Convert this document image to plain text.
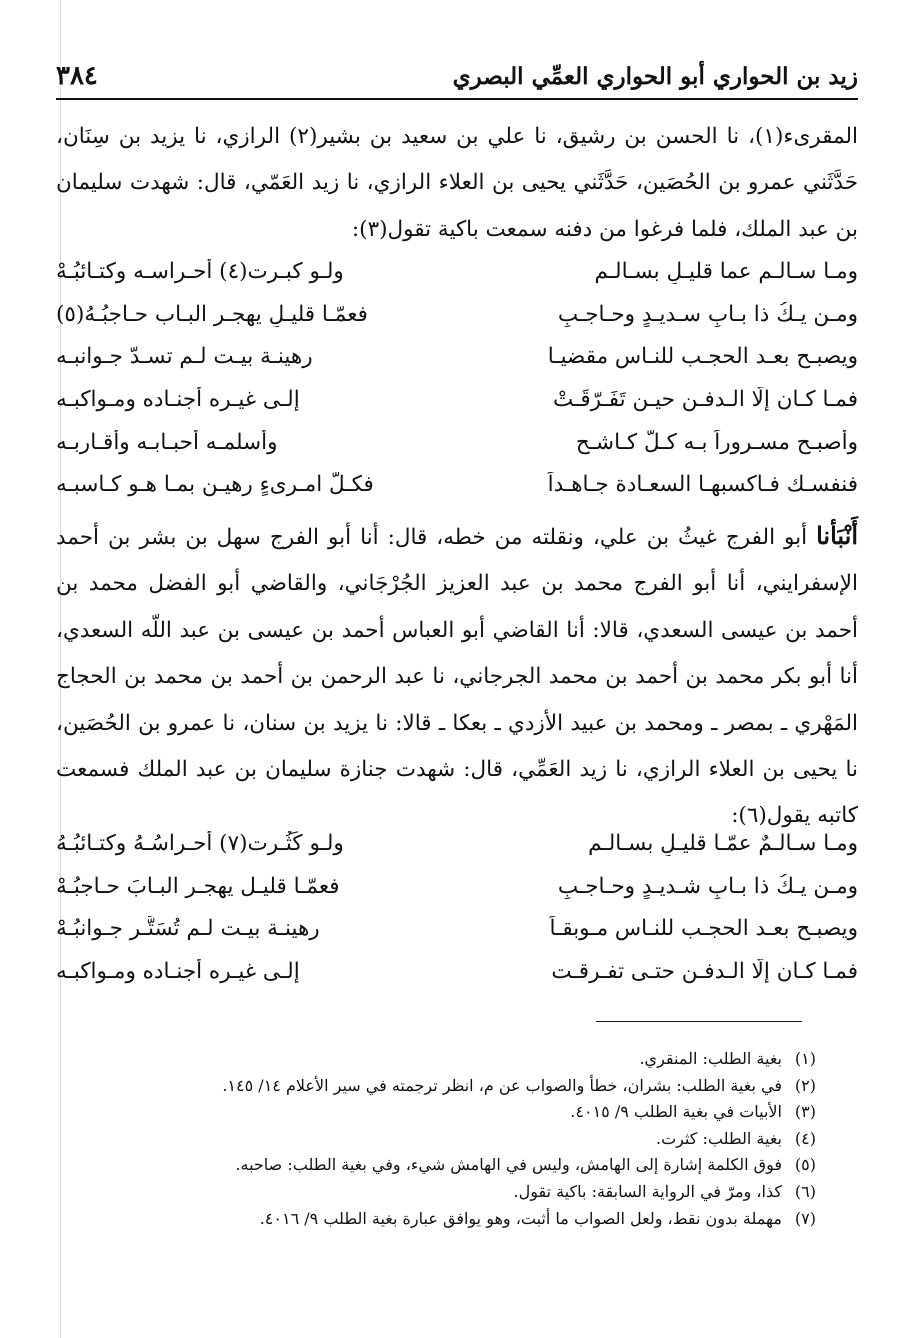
زيد بن الحواري أبو الحواري العمِّي البصري
٣٨٤

المقرىء(١)، نا الحسن بن رشيق، نا علي بن سعيد بن بشير(٢) الرازي، نا يزيد بن سِنَان، حَدَّثَني عمرو بن الحُصَين، حَدَّثَني يحيى بن العلاء الرازي، نا زيد العَمّي، قال: شهدت سليمان بن عبد الملك، فلما فرغوا من دفنه سمعت باكية تقول(٣):

ومـا سـالـم عما قليـلٍ بسـالـمِ
ولـو كبـرت(٤) أحـراسـه وكتـائبُـهْ
ومـن يـكُ ذا بـابٍ سـديـدٍ وحـاجـبٍ
فعمّـا قليـلٍ يهجـر البـاب حـاجبُـهُ(٥)
ويصبـح بعـد الحجـب للنـاس مقضيـا
رهينـة بيـت لـم تسـدّ جـوانبـه
فمـا كـان إلّا الـدفـن حيـن تَفَـرّقَـتْ
إلـى غيـره أجنـاده ومـواكبـه
وأصبـح مسـروراً بـه كـلّ كـاشـحٍ
وأسلمـه أحبـابـه وأقـاربـه
فنفسـك فـاكسبهـا السعـادة جـاهـداً
فكـلّ امـرىءٍ رهيـن بمـا هـو كـاسبـه

أَنْبَأنا أبو الفرج غيثُ بن علي، ونقلته من خطه، قال: أنا أبو الفرج سهل بن بشر بن أحمد الإسفرايني، أنا أبو الفرج محمد بن عبد العزيز الجُرْجَاني، والقاضي أبو الفضل محمد بن أحمد بن عيسى السعدي، قالا: أنا القاضي أبو العباس أحمد بن عيسى بن عبد اللّه السعدي، أنا أبو بكر محمد بن أحمد بن محمد الجرجاني، نا عبد الرحمن بن أحمد بن محمد بن الحجاج المَهْري ـ بمصر ـ ومحمد بن عبيد الأزدي ـ بعكا ـ قالا: نا يزيد بن سنان، نا عمرو بن الحُصَين، نا يحيى بن العلاء الرازي، نا زيد العَمِّي، قال: شهدت جنازة سليمان بن عبد الملك فسمعت كاتبه يقول(٦):

ومـا سـالـمٌ عمّـا قليـلٍ بسـالـمِ
ولـو كَثُـرت(٧) أحـراسُـهُ وكتـائبُـهُ
ومـن يـكُ ذا بـابٍ شـديـدٍ وحـاجـبٍ
فعمّـا قليـل يهجـر البـابَ حـاجبُـهْ
ويصبـح بعـد الحجـب للنـاس مـوبقـاً
رهينـة بيـت لـم تُسَتَّـر جـوانبُـهْ
فمـا كـان إلّا الـدفـن حتـى تفـرقـت
إلـى غيـره أجنـاده ومـواكبـه
(١)بغية الطلب: المنقري.
(٢)في بغية الطلب: بشران، خطأ والصواب عن م، انظر ترجمته في سير الأعلام ١٤/ ١٤٥.
(٣)الأبيات في بغية الطلب ٩/ ٤٠١٥.
(٤)بغية الطلب: كثرت.
(٥)فوق الكلمة إشارة إلى الهامش، وليس في الهامش شيء، وفي بغية الطلب: صاحبه.
(٦)كذا، ومرّ في الرواية السابقة: باكية تقول.
(٧)مهملة بدون نقط، ولعل الصواب ما أثبت، وهو يوافق عبارة بغية الطلب ٩/ ٤٠١٦.
